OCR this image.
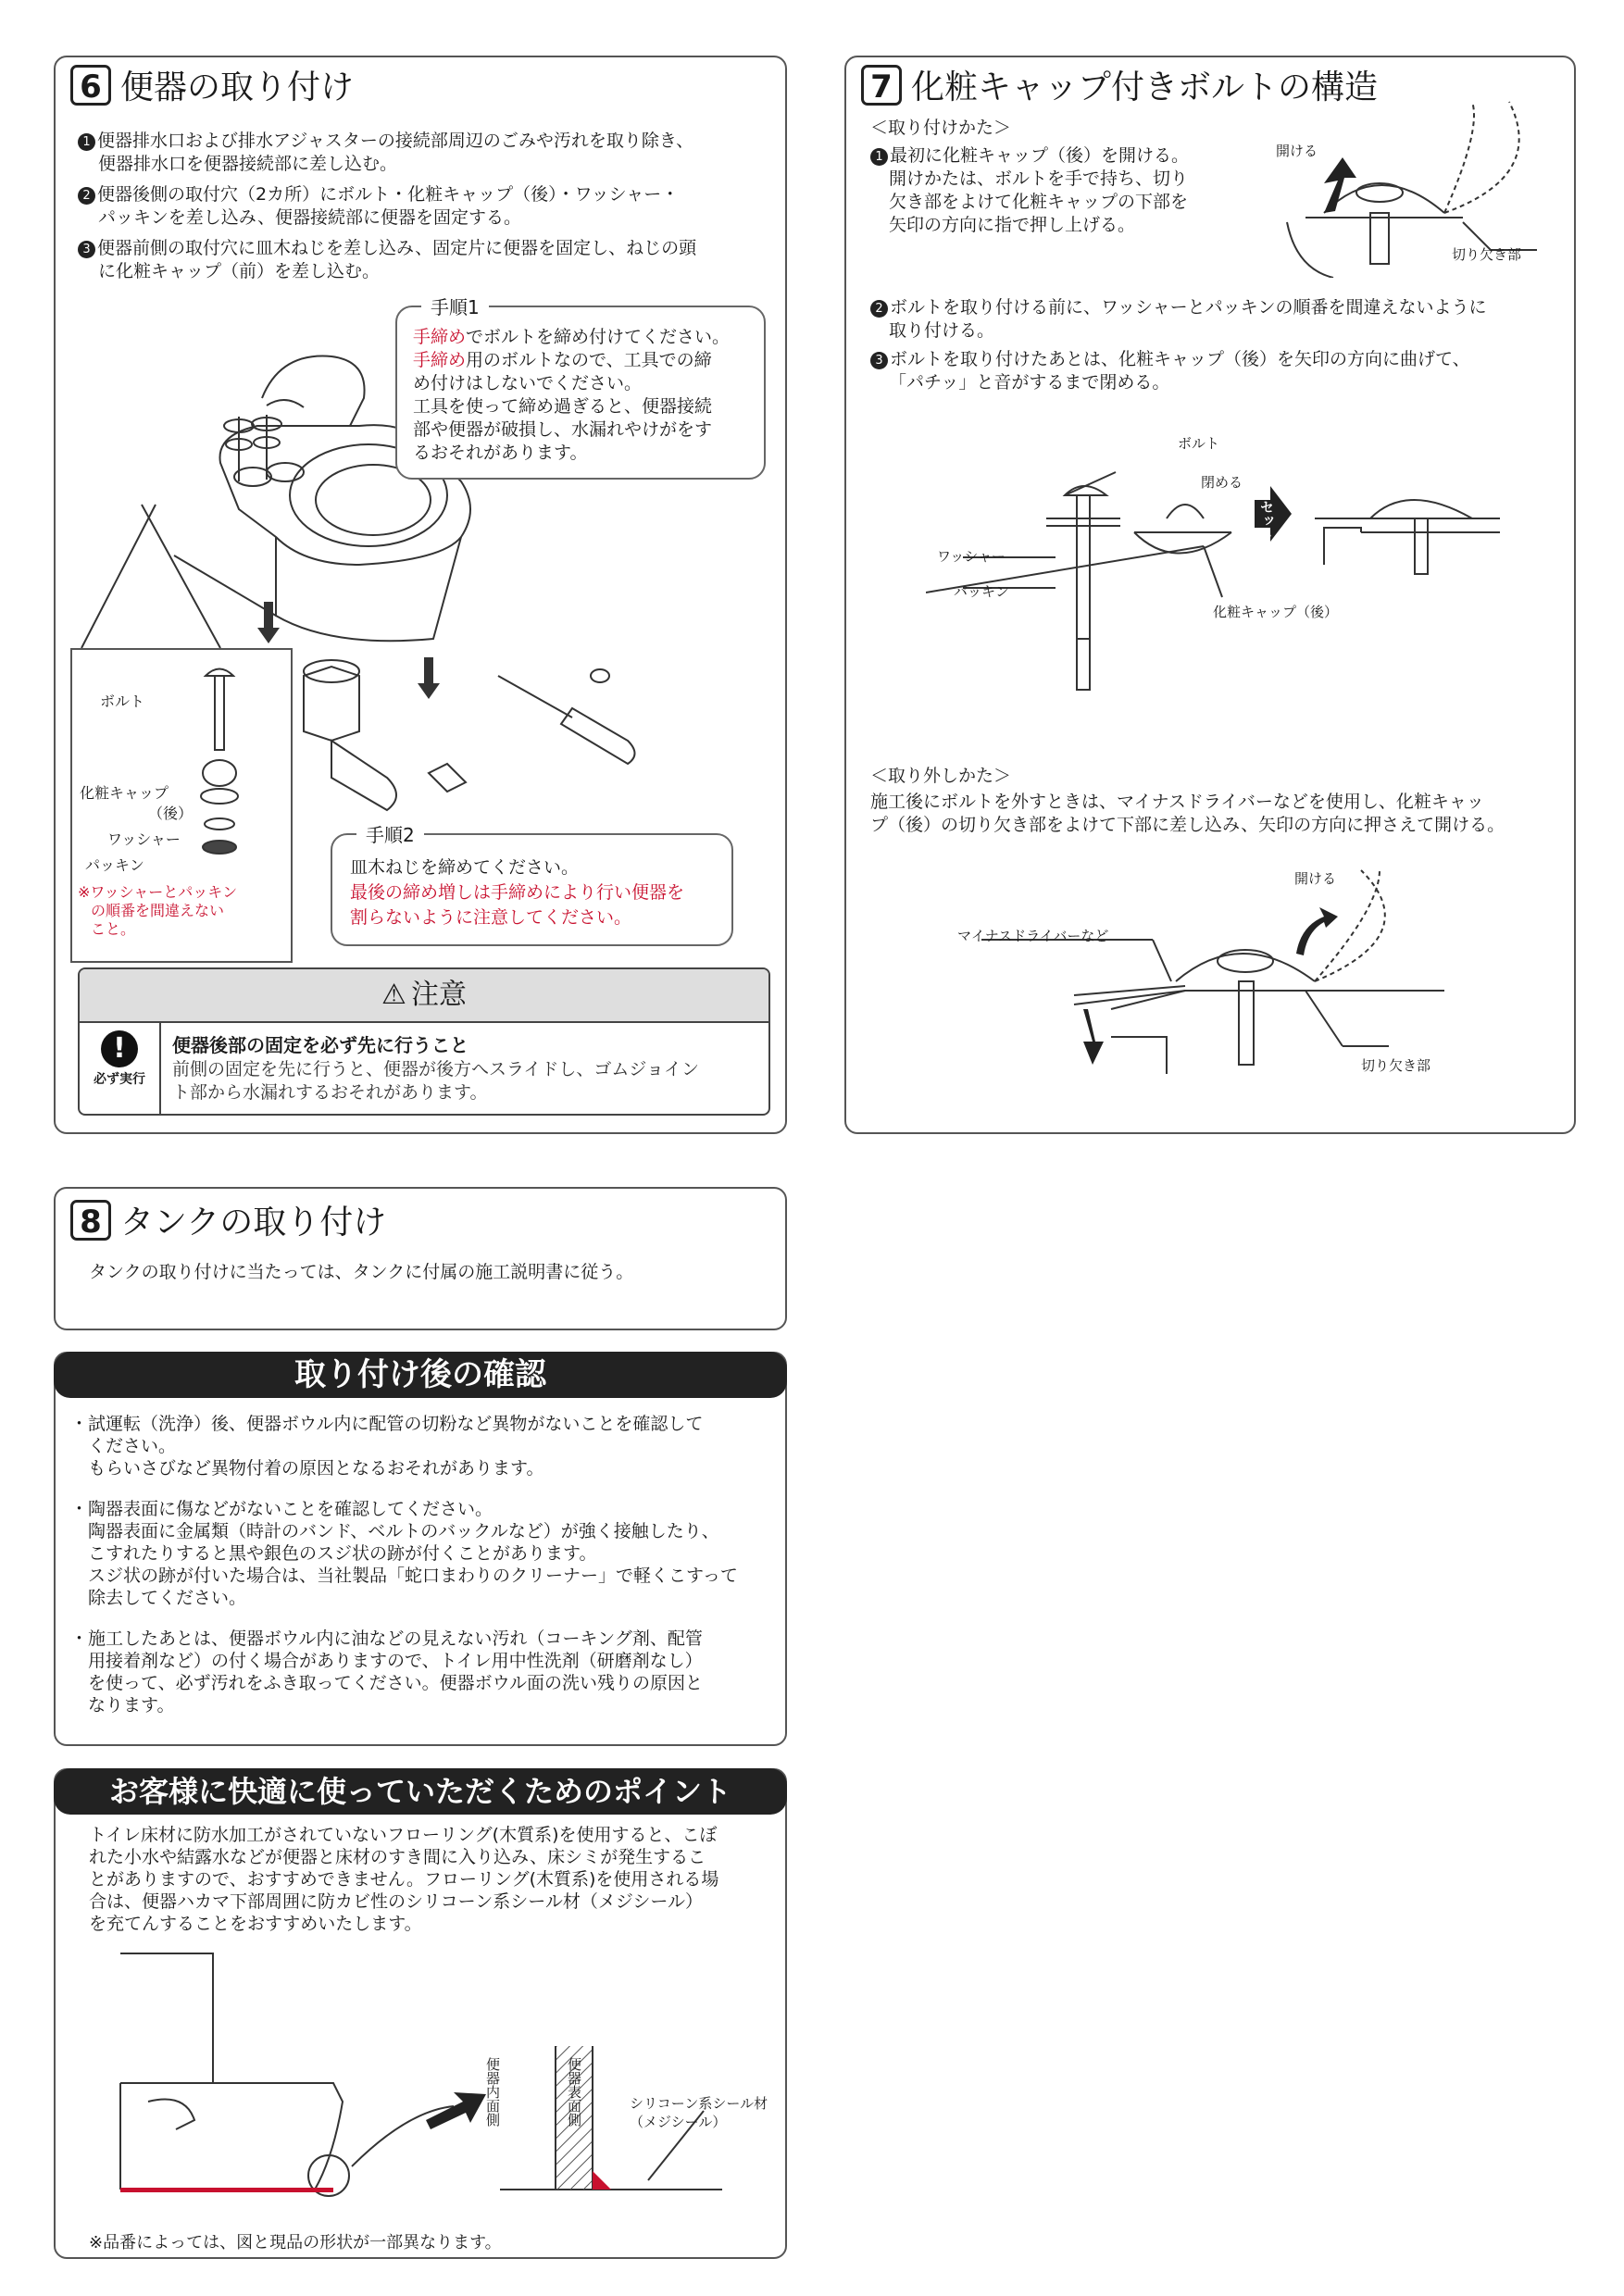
6 便器の取り付け
1 便器排水口および排水アジャスターの接続部周辺のごみや汚れを取り除き、
便器排水口を便器接続部に差し込む。
2 便器後側の取付穴（2カ所）にボルト・化粧キャップ（後）・ワッシャー・
パッキンを差し込み、便器接続部に便器を固定する。
3 便器前側の取付穴に皿木ねじを差し込み、固定片に便器を固定し、ねじの頭
に化粧キャップ（前）を差し込む。
ボルト
化粧キャップ
（後）
ワッシャー
パッキン
※ワッシャーとパッキン
の順番を間違えない
こと。
手順1
手締めでボルトを締め付けてください。
手締め用のボルトなので、工具での締
め付けはしないでください。
工具を使って締め過ぎると、便器接続
部や便器が破損し、水漏れやけがをす
るおそれがあります。
手順2
皿木ねじを締めてください。
最後の締め増しは手締めにより行い便器を
割らないように注意してください。
⚠ 注意
!
必ず実行
便器後部の固定を必ず先に行うこと
前側の固定を先に行うと、便器が後方へスライドし、ゴムジョイン
ト部から水漏れするおそれがあります。
7 化粧キャップ付きボルトの構造
＜取り付けかた＞
1 最初に化粧キャップ（後）を開ける。
開けかたは、ボルトを手で持ち、切り
欠き部をよけて化粧キャップの下部を
矢印の方向に指で押し上げる。
開ける
切り欠き部
2 ボルトを取り付ける前に、ワッシャーとパッキンの順番を間違えないように
取り付ける。
3 ボルトを取り付けたあとは、化粧キャップ（後）を矢印の方向に曲げて、
「パチッ」と音がするまで閉める。
ボルト
閉める
セット後
ワッシャー
パッキン
化粧キャップ（後）
＜取り外しかた＞
施工後にボルトを外すときは、マイナスドライバーなどを使用し、化粧キャッ
プ（後）の切り欠き部をよけて下部に差し込み、矢印の方向に押さえて開ける。
開ける
マイナスドライバーなど
切り欠き部
8 タンクの取り付け
タンクの取り付けに当たっては、タンクに付属の施工説明書に従う。
取り付け後の確認
・試運転（洗浄）後、便器ボウル内に配管の切粉など異物がないことを確認して
　ください。
　もらいさびなど異物付着の原因となるおそれがあります。
・陶器表面に傷などがないことを確認してください。
　陶器表面に金属類（時計のバンド、ベルトのバックルなど）が強く接触したり、
　こすれたりすると黒や銀色のスジ状の跡が付くことがあります。
　スジ状の跡が付いた場合は、当社製品「蛇口まわりのクリーナー」で軽くこすって
　除去してください。
・施工したあとは、便器ボウル内に油などの見えない汚れ（コーキング剤、配管
　用接着剤など）の付く場合がありますので、トイレ用中性洗剤（研磨剤なし）
　を使って、必ず汚れをふき取ってください。便器ボウル面の洗い残りの原因と
　なります。
お客様に快適に使っていただくためのポイント
トイレ床材に防水加工がされていないフローリング(木質系)を使用すると、こぼ
れた小水や結露水などが便器と床材のすき間に入り込み、床シミが発生するこ
とがありますので、おすすめできません。フローリング(木質系)を使用される場
合は、便器ハカマ下部周囲に防カビ性のシリコーン系シール材（メジシール）
を充てんすることをおすすめいたします。
便器内面側	便器表面側	シリコーン系シール材
（メジシール）
※品番によっては、図と現品の形状が一部異なります。
